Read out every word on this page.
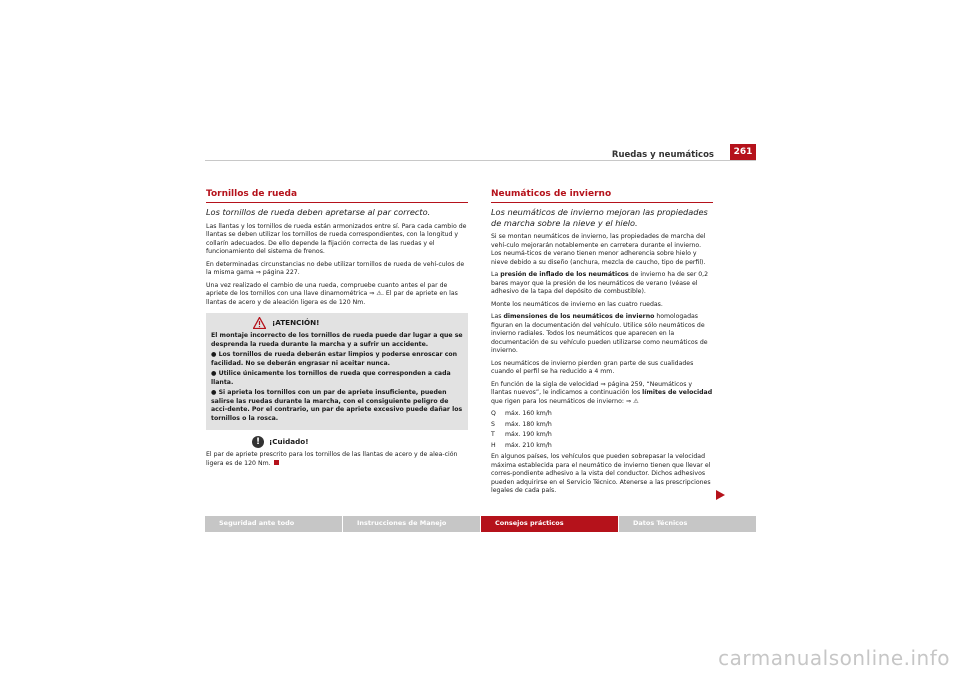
Ruedas y neumáticos	261
Tornillos de rueda
Los tornillos de rueda deben apretarse al par correcto.

Las llantas y los tornillos de rueda están armonizados entre sí. Para cada cambio de llantas se deben utilizar los tornillos de rueda correspondientes, con la longitud y collarín adecuados. De ello depende la fijación correcta de las ruedas y el funcionamiento del sistema de frenos.

En determinadas circunstancias no debe utilizar tornillos de rueda de vehí-culos de la misma gama ⇒ página 227.

Una vez realizado el cambio de una rueda, compruebe cuanto antes el par de apriete de los tornillos con una llave dinamométrica ⇒ ⚠. El par de apriete en las llantas de acero y de aleación ligera es de 120 Nm.

¡ATENCIÓN!

El montaje incorrecto de los tornillos de rueda puede dar lugar a que se desprenda la rueda durante la marcha y a sufrir un accidente.

● Los tornillos de rueda deberán estar limpios y poderse enroscar con facilidad. No se deberán engrasar ni aceitar nunca.

● Utilice únicamente los tornillos de rueda que corresponden a cada llanta.

● Si aprieta los tornillos con un par de apriete insuficiente, pueden salirse las ruedas durante la marcha, con el consiguiente peligro de acci-dente. Por el contrario, un par de apriete excesivo puede dañar los tornillos o la rosca.

!	¡Cuidado!

El par de apriete prescrito para los tornillos de las llantas de acero y de alea-ción ligera es de 120 Nm.

Neumáticos de invierno
Los neumáticos de invierno mejoran las propiedades de marcha sobre la nieve y el hielo.

Si se montan neumáticos de invierno, las propiedades de marcha del vehí-culo mejorarán notablemente en carretera durante el invierno. Los neumá-ticos de verano tienen menor adherencia sobre hielo y nieve debido a su diseño (anchura, mezcla de caucho, tipo de perfil).

La presión de inflado de los neumáticos de invierno ha de ser 0,2 bares mayor que la presión de los neumáticos de verano (véase el adhesivo de la tapa del depósito de combustible).

Monte los neumáticos de invierno en las cuatro ruedas.

Las dimensiones de los neumáticos de invierno homologadas figuran en la documentación del vehículo. Utilice sólo neumáticos de invierno radiales. Todos los neumáticos que aparecen en la documentación de su vehículo pueden utilizarse como neumáticos de invierno.

Los neumáticos de invierno pierden gran parte de sus cualidades cuando el perfil se ha reducido a 4 mm.

En función de la sigla de velocidad ⇒ página 259, “Neumáticos y llantas nuevos”, le indicamos a continuación los límites de velocidad que rigen para los neumáticos de invierno: ⇒ ⚠

Q	máx. 160 km/h
S	máx. 180 km/h
T	máx. 190 km/h
H	máx. 210 km/h

En algunos países, los vehículos que pueden sobrepasar la velocidad máxima establecida para el neumático de invierno tienen que llevar el corres-pondiente adhesivo a la vista del conductor. Dichos adhesivos pueden adquirirse en el Servicio Técnico. Atenerse a las prescripciones legales de cada país.

Seguridad ante todo	Instrucciones de Manejo	Consejos prácticos	Datos Técnicos
carmanualsonline.info
